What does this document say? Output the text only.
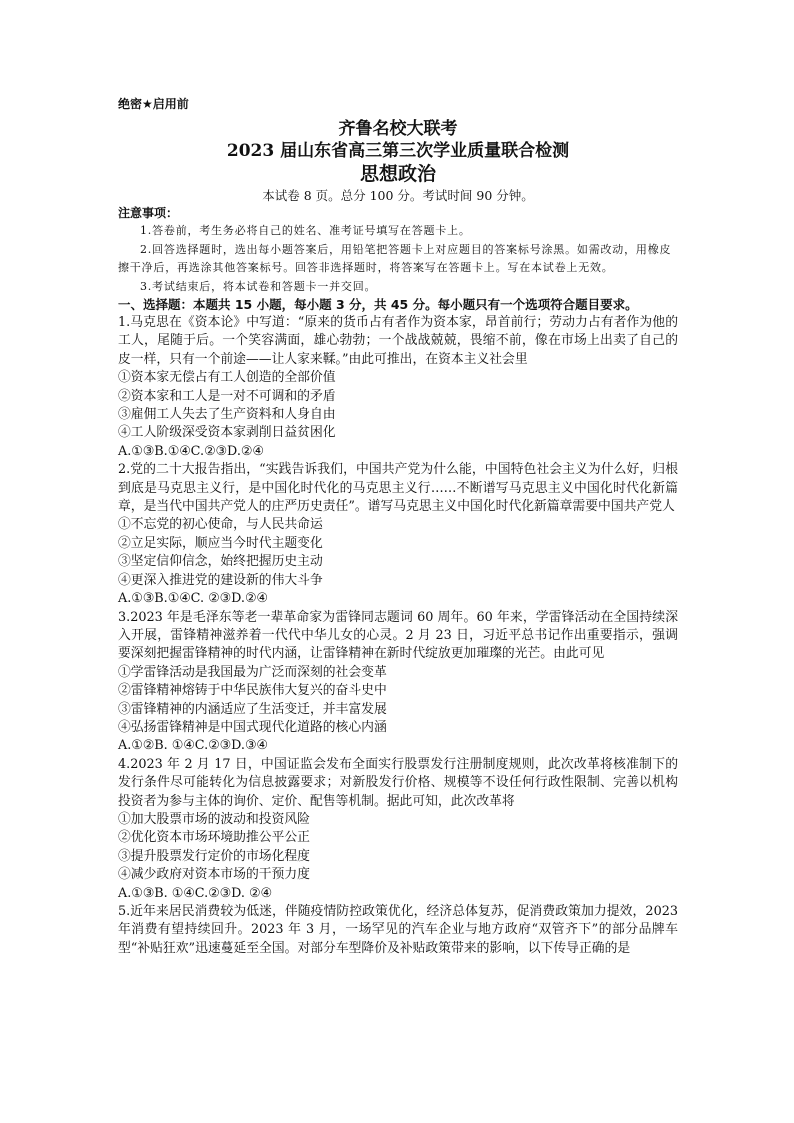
绝密★启用前
齐鲁名校大联考
2023 届山东省高三第三次学业质量联合检测
思想政治
本试卷 8 页。总分 100 分。考试时间 90 分钟。
注意事项：
1.答卷前，考生务必将自己的姓名、准考证号填写在答题卡上。
2.回答选择题时，选出每小题答案后，用铅笔把答题卡上对应题目的答案标号涂黑。如需改动，用橡皮擦干净后，再选涂其他答案标号。回答非选择题时，将答案写在答题卡上。写在本试卷上无效。
3.考试结束后，将本试卷和答题卡一并交回。
一、选择题：本题共 15 小题，每小题 3 分，共 45 分。每小题只有一个选项符合题目要求。
1.马克思在《资本论》中写道：“原来的货币占有者作为资本家，昂首前行；劳动力占有者作为他的工人，尾随于后。一个笑容满面，雄心勃勃；一个战战兢兢，畏缩不前，像在市场上出卖了自己的皮一样，只有一个前途——让人家来鞣。”由此可推出，在资本主义社会里
①资本家无偿占有工人创造的全部价值
②资本家和工人是一对不可调和的矛盾
③雇佣工人失去了生产资料和人身自由
④工人阶级深受资本家剥削日益贫困化
A.①③B.①④C.②③D.②④
2.党的二十大报告指出，“实践告诉我们，中国共产党为什么能，中国特色社会主义为什么好，归根到底是马克思主义行，是中国化时代化的马克思主义行……不断谱写马克思主义中国化时代化新篇章，是当代中国共产党人的庄严历史责任”。谱写马克思主义中国化时代化新篇章需要中国共产党人
①不忘党的初心使命，与人民共命运
②立足实际，顺应当今时代主题变化
③坚定信仰信念，始终把握历史主动
④更深入推进党的建设新的伟大斗争
A.①③B.①④C. ②③D.②④
3.2023 年是毛泽东等老一辈革命家为雷锋同志题词 60 周年。60 年来，学雷锋活动在全国持续深入开展，雷锋精神滋养着一代代中华儿女的心灵。2 月 23 日，习近平总书记作出重要指示，强调要深刻把握雷锋精神的时代内涵，让雷锋精神在新时代绽放更加璀璨的光芒。由此可见
①学雷锋活动是我国最为广泛而深刻的社会变革
②雷锋精神熔铸于中华民族伟大复兴的奋斗史中
③雷锋精神的内涵适应了生活变迁，并丰富发展
④弘扬雷锋精神是中国式现代化道路的核心内涵
A.①②B. ①④C.②③D.③④
4.2023 年 2 月 17 日，中国证监会发布全面实行股票发行注册制度规则，此次改革将核准制下的发行条件尽可能转化为信息披露要求；对新股发行价格、规模等不设任何行政性限制、完善以机构投资者为参与主体的询价、定价、配售等机制。据此可知，此次改革将
①加大股票市场的波动和投资风险
②优化资本市场环境助推公平公正
③提升股票发行定价的市场化程度
④减少政府对资本市场的干预力度
A.①③B. ①④C.②③D. ②④
5.近年来居民消费较为低迷，伴随疫情防控政策优化，经济总体复苏，促消费政策加力提效，2023 年消费有望持续回升。2023 年 3 月，一场罕见的汽车企业与地方政府“双管齐下”的部分品牌车型“补贴狂欢”迅速蔓延至全国。对部分车型降价及补贴政策带来的影响，以下传导正确的是
